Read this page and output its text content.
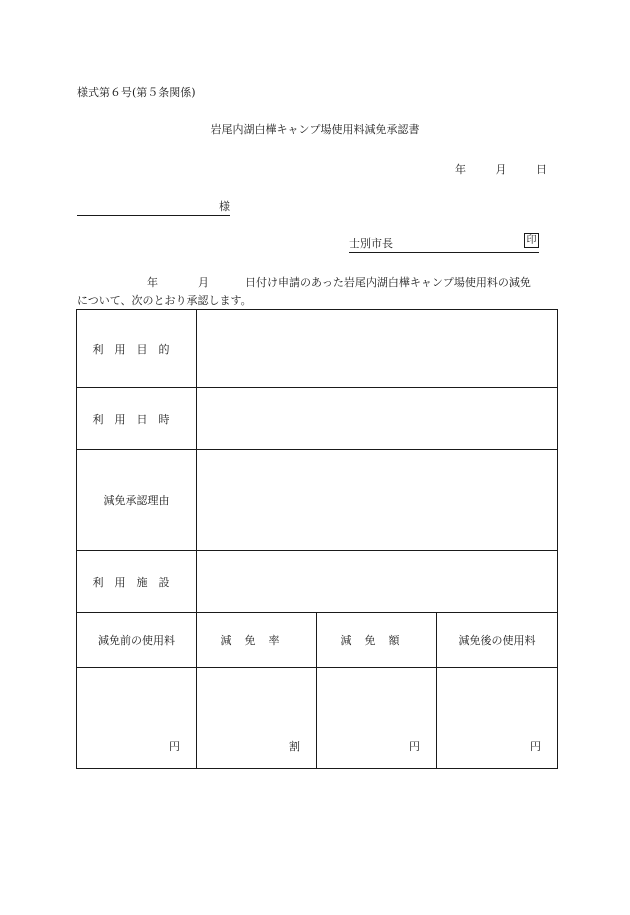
様式第６号(第５条関係)
岩尾内湖白樺キャンプ場使用料減免承認書
年	月	日
様
士別市長	印
年	月	日付け申請のあった岩尾内湖白樺キャンプ場使用料の減免
について、次のとおり承認します。
利用目的			
利用日時			
減免承認理由			
利用施設			
減免前の使用料	減免率	減免額	減免後の使用料
円	割	円	円
